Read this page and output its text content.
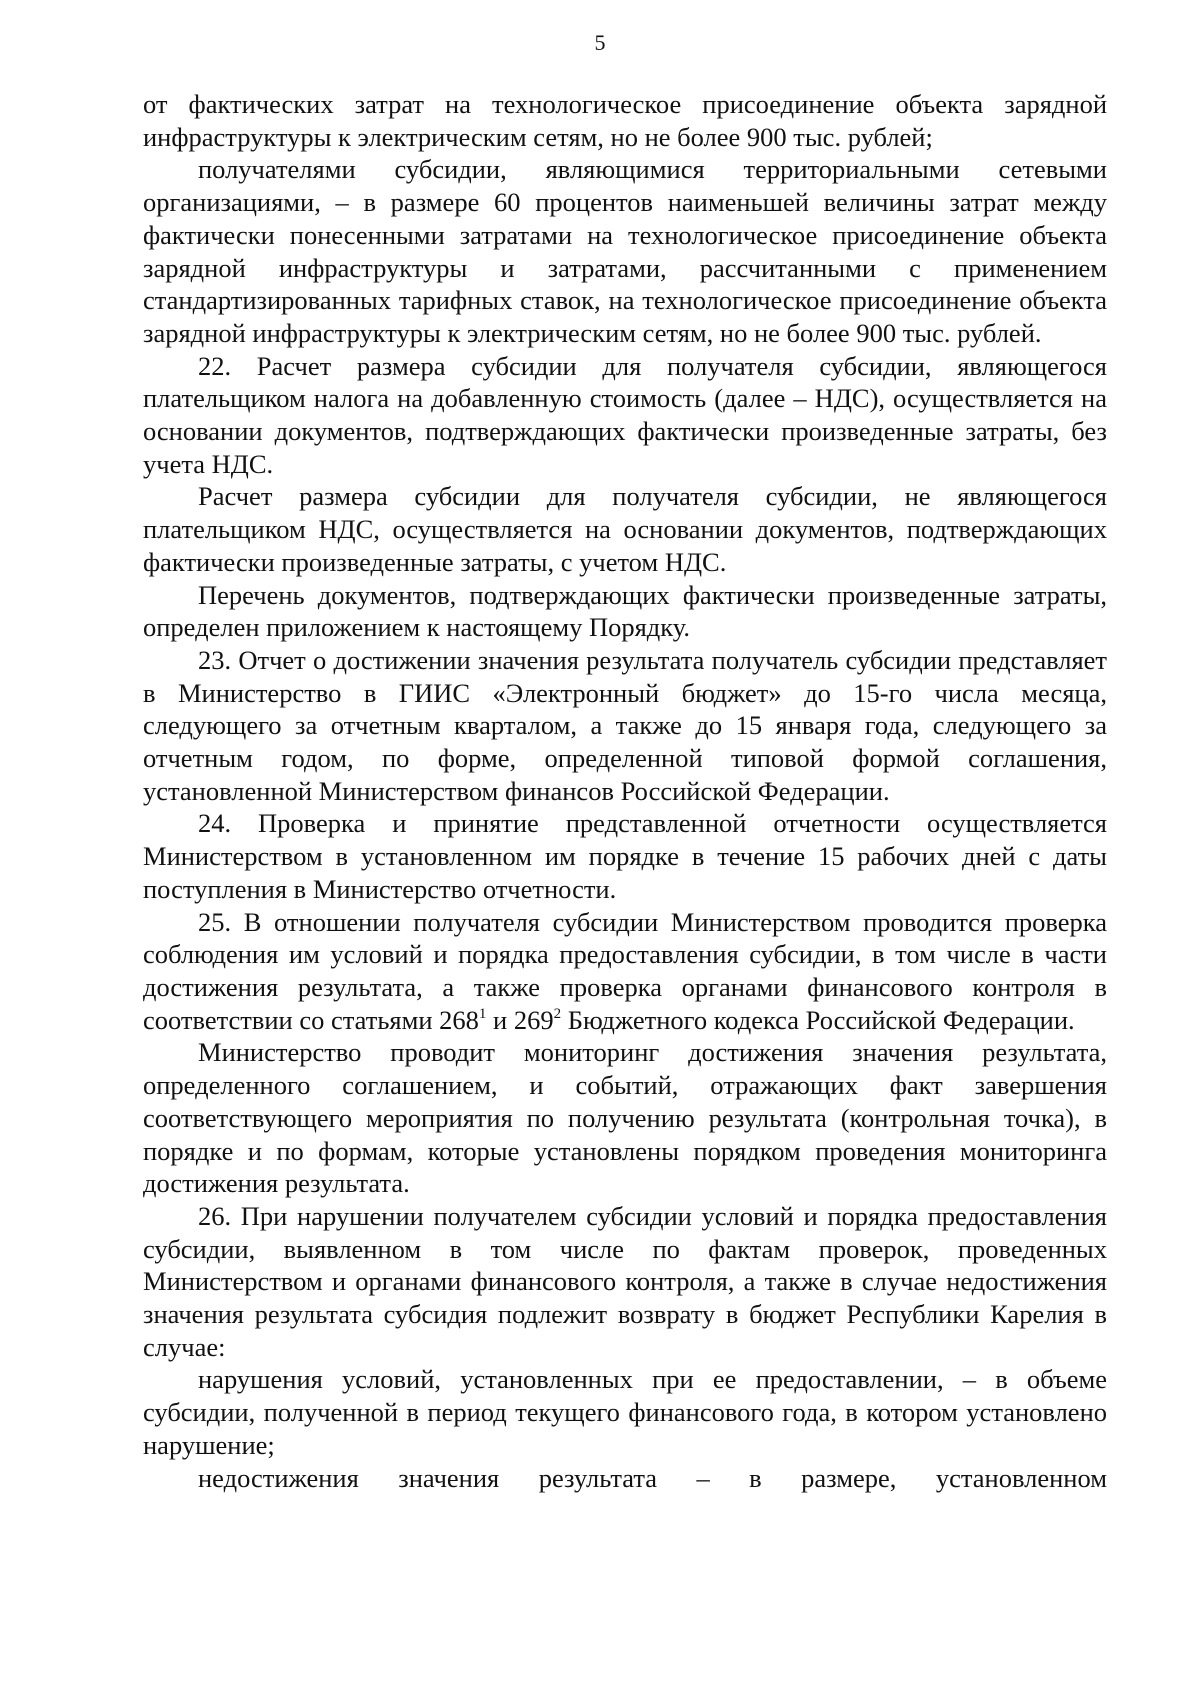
5

от фактических затрат на технологическое присоединение объекта зарядной инфраструктуры к электрическим сетям, но не более 900 тыс. рублей;

получателями субсидии, являющимися территориальными сетевыми организациями, – в размере 60 процентов наименьшей величины затрат между фактически понесенными затратами на технологическое присоединение объекта зарядной инфраструктуры и затратами, рассчитанными с применением стандартизированных тарифных ставок, на технологическое присоединение объекта зарядной инфраструктуры к электрическим сетям, но не более 900 тыс. рублей.

22. Расчет размера субсидии для получателя субсидии, являющегося плательщиком налога на добавленную стоимость (далее – НДС), осуществляется на основании документов, подтверждающих фактически произведенные затраты, без учета НДС.

Расчет размера субсидии для получателя субсидии, не являющегося плательщиком НДС, осуществляется на основании документов, подтверждающих фактически произведенные затраты, с учетом НДС.

Перечень документов, подтверждающих фактически произведенные затраты, определен приложением к настоящему Порядку.

23. Отчет о достижении значения результата получатель субсидии представляет в Министерство в ГИИС «Электронный бюджет» до 15-го числа месяца, следующего за отчетным кварталом, а также до 15 января года, следующего за отчетным годом, по форме, определенной типовой формой соглашения, установленной Министерством финансов Российской Федерации.

24. Проверка и принятие представленной отчетности осуществляется Министерством в установленном им порядке в течение 15 рабочих дней с даты поступления в Министерство отчетности.

25. В отношении получателя субсидии Министерством проводится проверка соблюдения им условий и порядка предоставления субсидии, в том числе в части достижения результата, а также проверка органами финансового контроля в соответствии со статьями $268^1$ и $269^2$ Бюджетного кодекса Российской Федерации.

Министерство проводит мониторинг достижения значения результата, определенного соглашением, и событий, отражающих факт завершения соответствующего мероприятия по получению результата (контрольная точка), в порядке и по формам, которые установлены порядком проведения мониторинга достижения результата.

26. При нарушении получателем субсидии условий и порядка предоставления субсидии, выявленном в том числе по фактам проверок, проведенных Министерством и органами финансового контроля, а также в случае недостижения значения результата субсидия подлежит возврату в бюджет Республики Карелия в случае:

нарушения условий, установленных при ее предоставлении, – в объеме субсидии, полученной в период текущего финансового года, в котором установлено нарушение;

недостижения значения результата – в размере, установленном
